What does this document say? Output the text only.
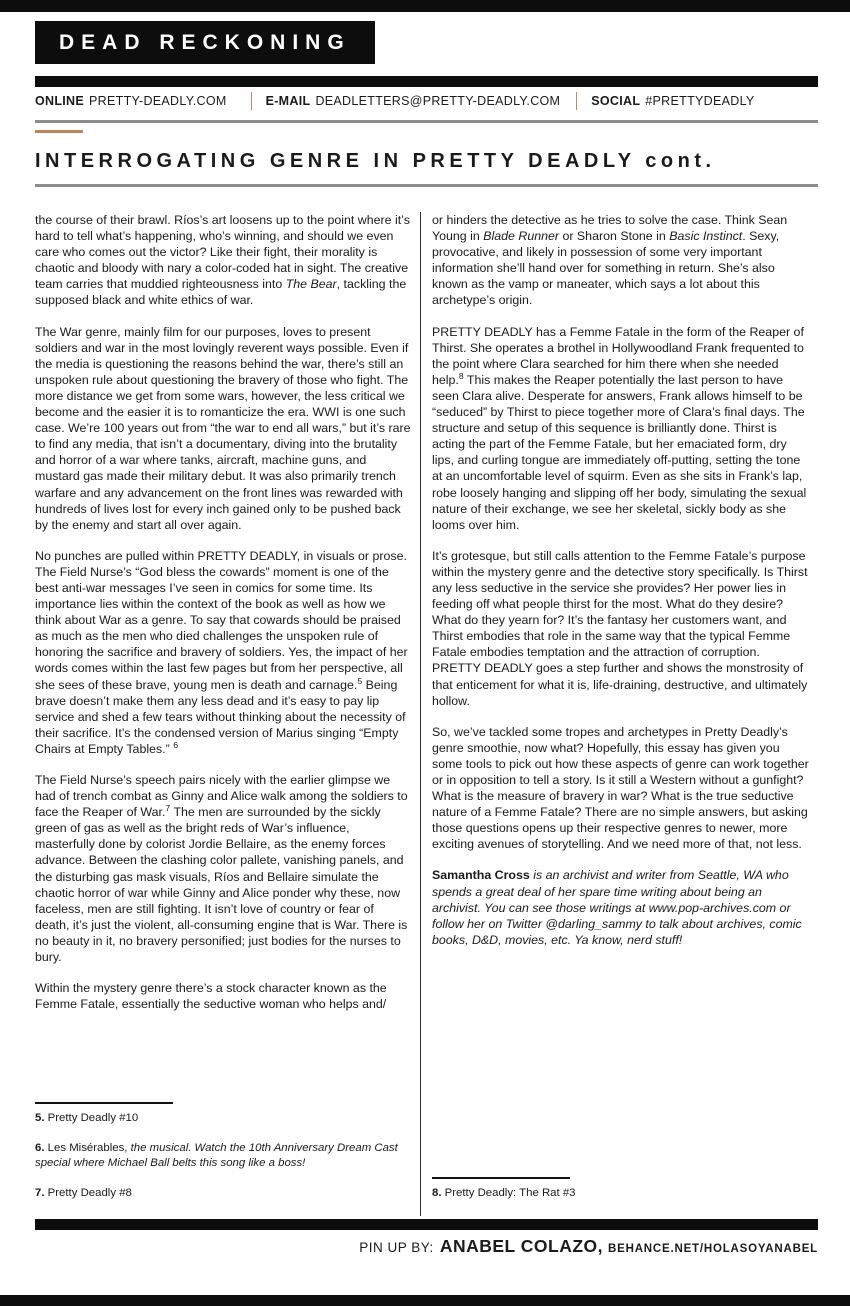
DEAD RECKONING
ONLINE PRETTY-DEADLY.COM	E-MAIL DEADLETTERS@PRETTY-DEADLY.COM SOCIAL #PRETTYDEADLY
INTERROGATING GENRE IN PRETTY DEADLY cont.

the course of their brawl. Ríos’s art loosens up to the point where it’s hard to tell what’s happening, who’s winning, and should we even care who comes out the victor? Like their fight, their morality is chaotic and bloody with nary a color-coded hat in sight. The creative team carries that muddied righteousness into The Bear, tackling the supposed black and white ethics of war.

The War genre, mainly film for our purposes, loves to present soldiers and war in the most lovingly reverent ways possible. Even if the media is questioning the reasons behind the war, there’s still an unspoken rule about questioning the bravery of those who fight. The more distance we get from some wars, however, the less critical we become and the easier it is to romanticize the era. WWI is one such case. We’re 100 years out from “the war to end all wars,” but it’s rare to find any media, that isn’t a documentary, diving into the brutality and horror of a war where tanks, aircraft, machine guns, and mustard gas made their military debut. It was also primarily trench warfare and any advancement on the front lines was rewarded with hundreds of lives lost for every inch gained only to be pushed back by the enemy and start all over again.

No punches are pulled within PRETTY DEADLY, in visuals or prose. The Field Nurse’s “God bless the cowards” moment is one of the best anti-war messages I’ve seen in comics for some time. Its importance lies within the context of the book as well as how we think about War as a genre. To say that cowards should be praised as much as the men who died challenges the unspoken rule of honoring the sacrifice and bravery of soldiers. Yes, the impact of her words comes within the last few pages but from her perspective, all she sees of these brave, young men is death and carnage.$^5$ Being brave doesn’t make them any less dead and it’s easy to pay lip service and shed a few tears without thinking about the necessity of their sacrifice. It’s the condensed version of Marius singing “Empty Chairs at Empty Tables.” $^6$

The Field Nurse’s speech pairs nicely with the earlier glimpse we had of trench combat as Ginny and Alice walk among the soldiers to face the Reaper of War.$^7$ The men are surrounded by the sickly green of gas as well as the bright reds of War’s influence, masterfully done by colorist Jordie Bellaire, as the enemy forces advance. Between the clashing color pallete, vanishing panels, and the disturbing gas mask visuals, Ríos and Bellaire simulate the chaotic horror of war while Ginny and Alice ponder why these, now faceless, men are still fighting. It isn’t love of country or fear of death, it’s just the violent, all-consuming engine that is War. There is no beauty in it, no bravery personified; just bodies for the nurses to bury.

Within the mystery genre there’s a stock character known as the Femme Fatale, essentially the seductive woman who helps and/

5. Pretty Deadly #10

6. Les Misérables, the musical. Watch the 10th Anniversary Dream Cast special where Michael Ball belts this song like a boss!

7. Pretty Deadly #8

or hinders the detective as he tries to solve the case. Think Sean Young in Blade Runner or Sharon Stone in Basic Instinct. Sexy, provocative, and likely in possession of some very important information she’ll hand over for something in return. She’s also known as the vamp or maneater, which says a lot about this archetype’s origin.

PRETTY DEADLY has a Femme Fatale in the form of the Reaper of Thirst. She operates a brothel in Hollywoodland Frank frequented to the point where Clara searched for him there when she needed help.$^8$ This makes the Reaper potentially the last person to have seen Clara alive. Desperate for answers, Frank allows himself to be “seduced” by Thirst to piece together more of Clara’s final days. The structure and setup of this sequence is brilliantly done. Thirst is acting the part of the Femme Fatale, but her emaciated form, dry lips, and curling tongue are immediately off-putting, setting the tone at an uncomfortable level of squirm. Even as she sits in Frank’s lap, robe loosely hanging and slipping off her body, simulating the sexual nature of their exchange, we see her skeletal, sickly body as she looms over him.

It’s grotesque, but still calls attention to the Femme Fatale’s purpose within the mystery genre and the detective story specifically. Is Thirst any less seductive in the service she provides? Her power lies in feeding off what people thirst for the most. What do they desire? What do they yearn for? It’s the fantasy her customers want, and Thirst embodies that role in the same way that the typical Femme Fatale embodies temptation and the attraction of corruption. PRETTY DEADLY goes a step further and shows the monstrosity of that enticement for what it is, life-draining, destructive, and ultimately hollow.

So, we’ve tackled some tropes and archetypes in Pretty Deadly’s genre smoothie, now what? Hopefully, this essay has given you some tools to pick out how these aspects of genre can work together or in opposition to tell a story. Is it still a Western without a gunfight? What is the measure of bravery in war? What is the true seductive nature of a Femme Fatale? There are no simple answers, but asking those questions opens up their respective genres to newer, more exciting avenues of storytelling. And we need more of that, not less.

Samantha Cross is an archivist and writer from Seattle, WA who spends a great deal of her spare time writing about being an archivist. You can see those writings at www.pop-archives.com or follow her on Twitter @darling_sammy to talk about archives, comic books, D&D, movies, etc. Ya know, nerd stuff!

8. Pretty Deadly: The Rat #3

PIN UP BY: ANABEL COLAZO, BEHANCE.NET/HOLASOYANABEL
